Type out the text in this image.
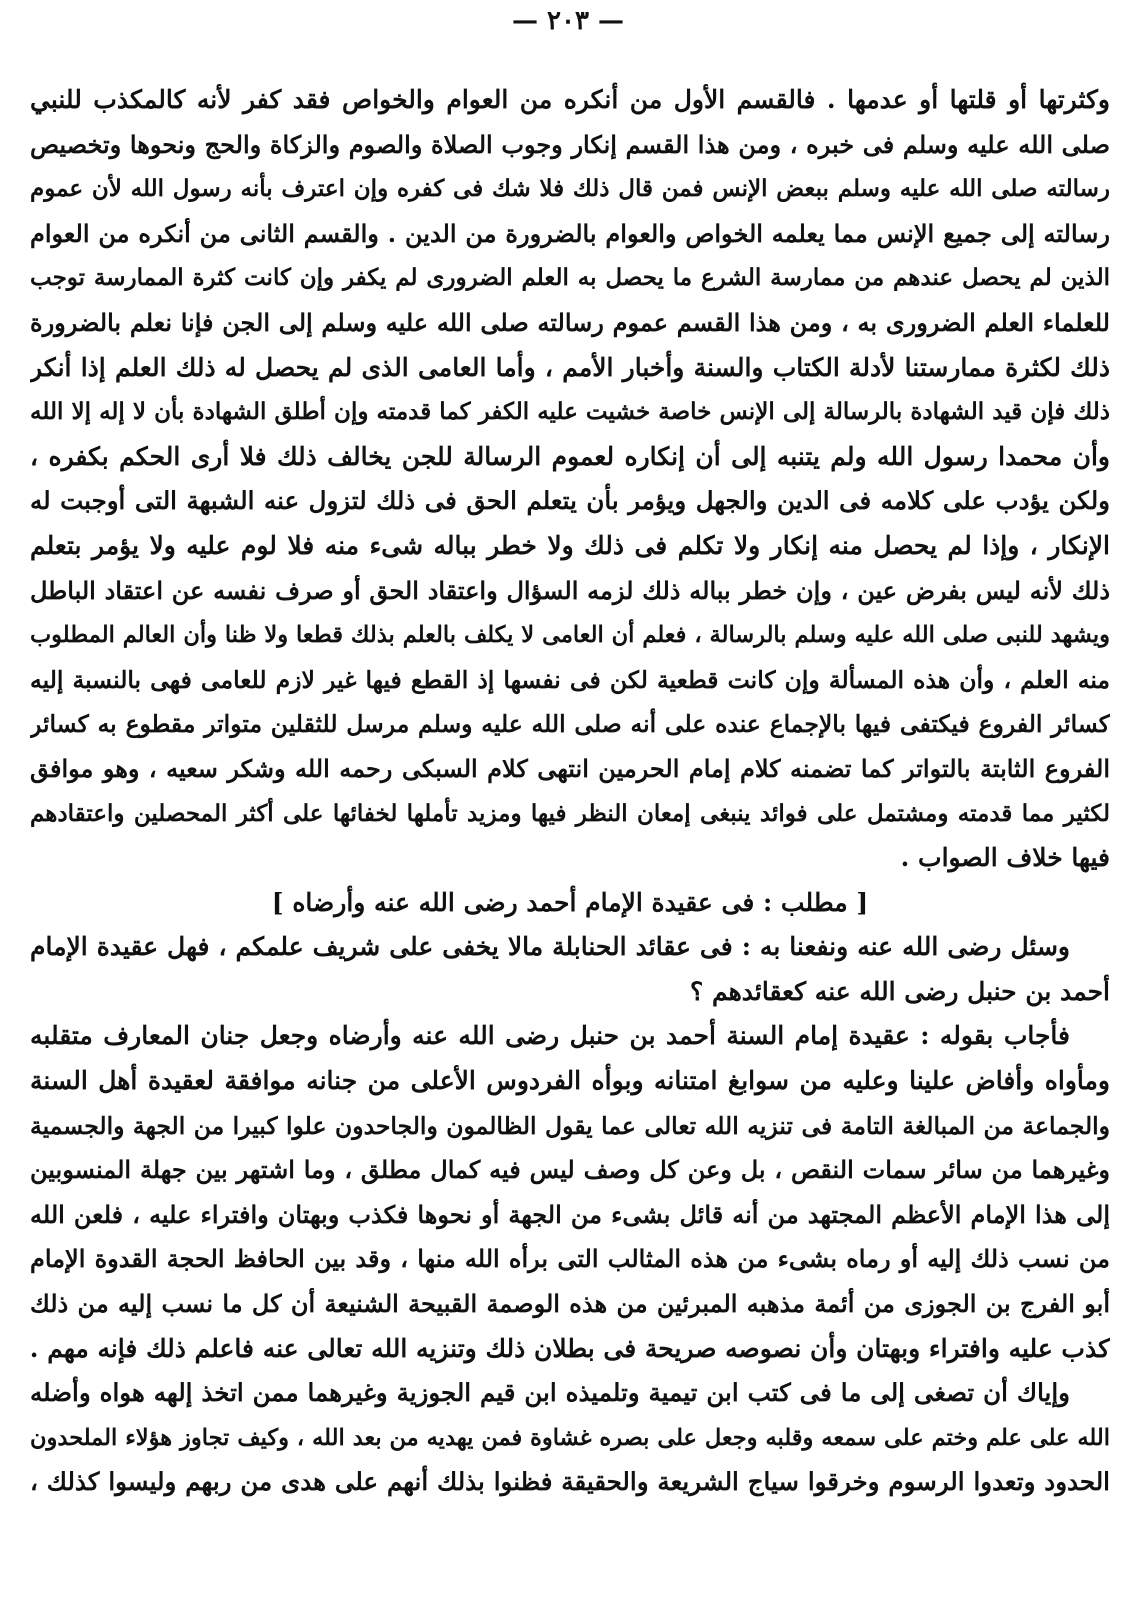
— ٢٠٣ —
وكثرتها أو قلتها أو عدمها . فالقسم الأول من أنكره من العوام والخواص فقد كفر لأنه كالمكذب للنبي
صلى الله عليه وسلم فى خبره ، ومن هذا القسم إنكار وجوب الصلاة والصوم والزكاة والحج ونحوها وتخصيص
رسالته صلى الله عليه وسلم ببعض الإنس فمن قال ذلك فلا شك فى كفره وإن اعترف بأنه رسول الله لأن عموم
رسالته إلى جميع الإنس مما يعلمه الخواص والعوام بالضرورة من الدين . والقسم الثانى من أنكره من العوام
الذين لم يحصل عندهم من ممارسة الشرع ما يحصل به العلم الضرورى لم يكفر وإن كانت كثرة الممارسة توجب
للعلماء العلم الضرورى به ، ومن هذا القسم عموم رسالته صلى الله عليه وسلم إلى الجن فإنا نعلم بالضرورة
ذلك لكثرة ممارستنا لأدلة الكتاب والسنة وأخبار الأمم ، وأما العامى الذى لم يحصل له ذلك العلم إذا أنكر
ذلك فإن قيد الشهادة بالرسالة إلى الإنس خاصة خشيت عليه الكفر كما قدمته وإن أطلق الشهادة بأن لا إله إلا الله
وأن محمدا رسول الله ولم يتنبه إلى أن إنكاره لعموم الرسالة للجن يخالف ذلك فلا أرى الحكم بكفره ،
ولكن يؤدب على كلامه فى الدين والجهل ويؤمر بأن يتعلم الحق فى ذلك لتزول عنه الشبهة التى أوجبت له
الإنكار ، وإذا لم يحصل منه إنكار ولا تكلم فى ذلك ولا خطر بباله شىء منه فلا لوم عليه ولا يؤمر بتعلم
ذلك لأنه ليس بفرض عين ، وإن خطر بباله ذلك لزمه السؤال واعتقاد الحق أو صرف نفسه عن اعتقاد الباطل
ويشهد للنبى صلى الله عليه وسلم بالرسالة ، فعلم أن العامى لا يكلف بالعلم بذلك قطعا ولا ظنا وأن العالم المطلوب
منه العلم ، وأن هذه المسألة وإن كانت قطعية لكن فى نفسها إذ القطع فيها غير لازم للعامى فهى بالنسبة إليه
كسائر الفروع فيكتفى فيها بالإجماع عنده على أنه صلى الله عليه وسلم مرسل للثقلين متواتر مقطوع به كسائر
الفروع الثابتة بالتواتر كما تضمنه كلام إمام الحرمين انتهى كلام السبكى رحمه الله وشكر سعيه ، وهو موافق
لكثير مما قدمته ومشتمل على فوائد ينبغى إمعان النظر فيها ومزيد تأملها لخفائها على أكثر المحصلين واعتقادهم
فيها خلاف الصواب .
[ مطلب : فى عقيدة الإمام أحمد رضى الله عنه وأرضاه ]
وسئل رضى الله عنه ونفعنا به : فى عقائد الحنابلة مالا يخفى على شريف علمكم ، فهل عقيدة الإمام
أحمد بن حنبل رضى الله عنه كعقائدهم ؟
فأجاب بقوله : عقيدة إمام السنة أحمد بن حنبل رضى الله عنه وأرضاه وجعل جنان المعارف متقلبه
ومأواه وأفاض علينا وعليه من سوابغ امتنانه وبوأه الفردوس الأعلى من جنانه موافقة لعقيدة أهل السنة
والجماعة من المبالغة التامة فى تنزيه الله تعالى عما يقول الظالمون والجاحدون علوا كبيرا من الجهة والجسمية
وغيرهما من سائر سمات النقص ، بل وعن كل وصف ليس فيه كمال مطلق ، وما اشتهر بين جهلة المنسوبين
إلى هذا الإمام الأعظم المجتهد من أنه قائل بشىء من الجهة أو نحوها فكذب وبهتان وافتراء عليه ، فلعن الله
من نسب ذلك إليه أو رماه بشىء من هذه المثالب التى برأه الله منها ، وقد بين الحافظ الحجة القدوة الإمام
أبو الفرج بن الجوزى من أئمة مذهبه المبرئين من هذه الوصمة القبيحة الشنيعة أن كل ما نسب إليه من ذلك
كذب عليه وافتراء وبهتان وأن نصوصه صريحة فى بطلان ذلك وتنزيه الله تعالى عنه فاعلم ذلك فإنه مهم .
وإياك أن تصغى إلى ما فى كتب ابن تيمية وتلميذه ابن قيم الجوزية وغيرهما ممن اتخذ إلهه هواه وأضله
الله على علم وختم على سمعه وقلبه وجعل على بصره غشاوة فمن يهديه من بعد الله ، وكيف تجاوز هؤلاء الملحدون
الحدود وتعدوا الرسوم وخرقوا سياج الشريعة والحقيقة فظنوا بذلك أنهم على هدى من ربهم وليسوا كذلك ،
